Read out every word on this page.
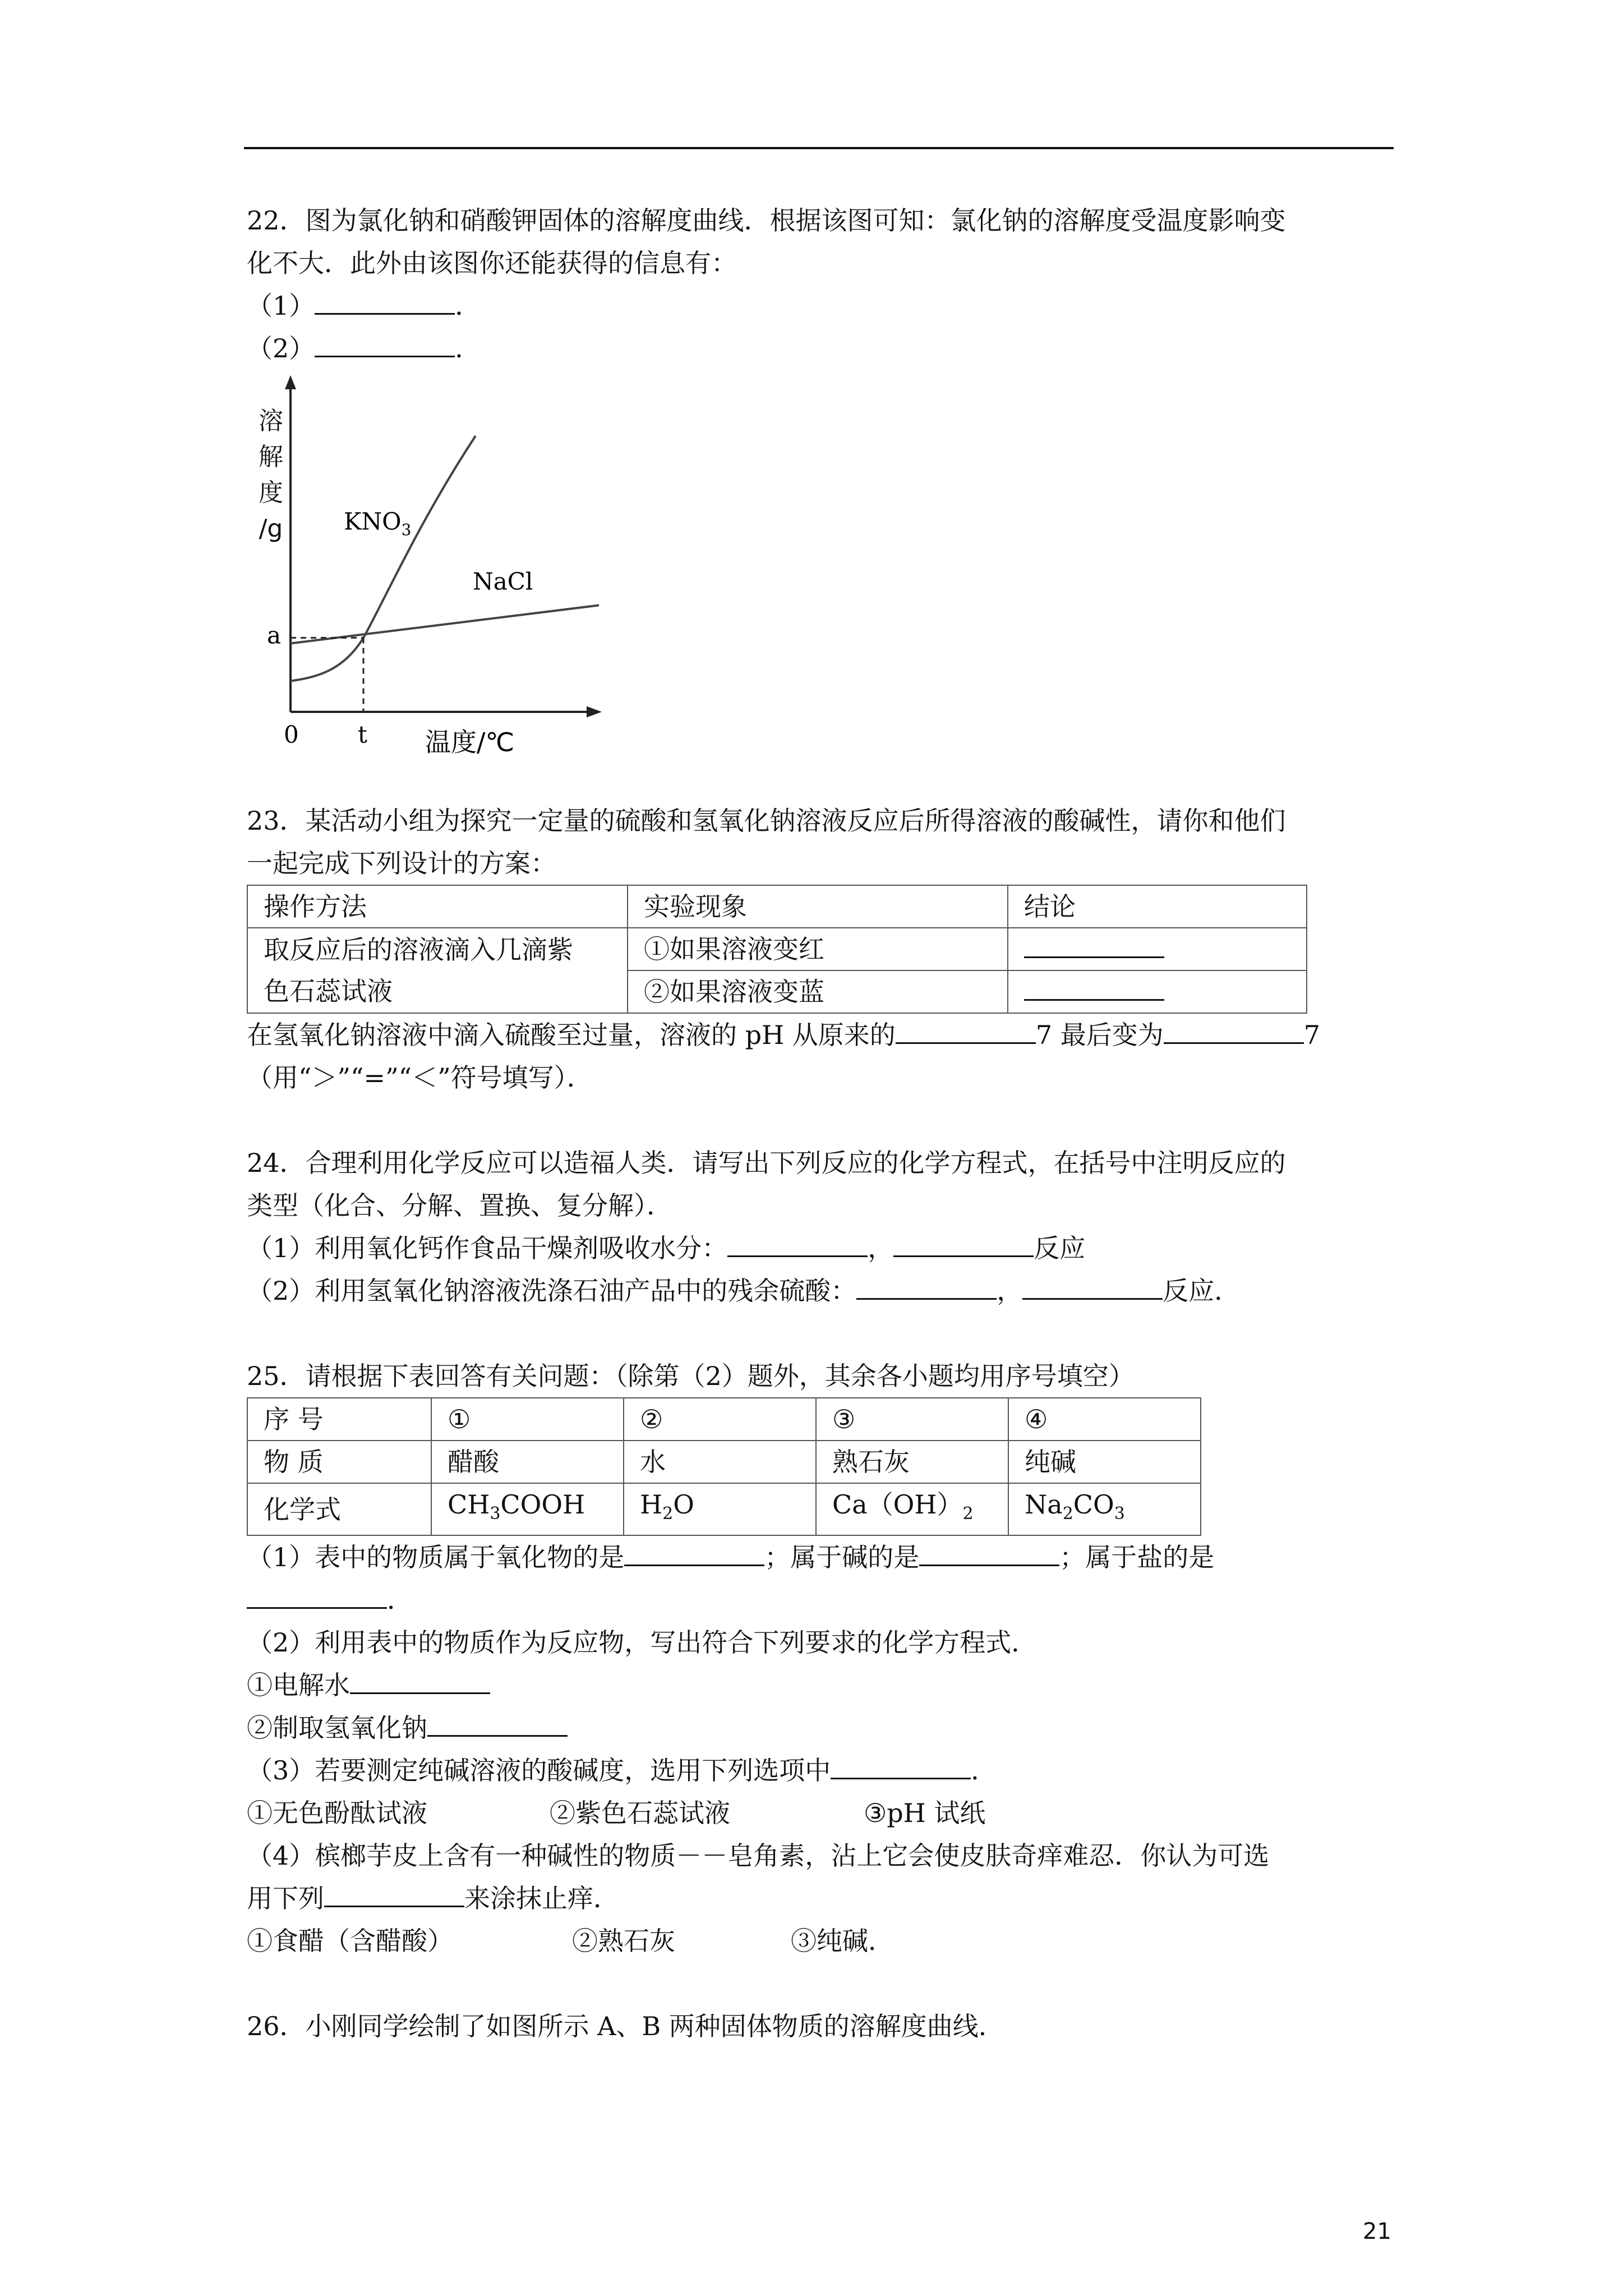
22．图为氯化钠和硝酸钾固体的溶解度曲线．根据该图可知：氯化钠的溶解度受温度影响变
化不大．此外由该图你还能获得的信息有：
（1）	．
（2）	．
溶
解
度
/g
a
0	t 温度/℃
$KNO_3$
NaCl
23．某活动小组为探究一定量的硫酸和氢氧化钠溶液反应后所得溶液的酸碱性，请你和他们
一起完成下列设计的方案：
操作方法	实验现象	结论

取反应后的溶液滴入几滴紫
色石蕊试液	①如果溶液变红	
	②如果溶液变蓝	
在氢氧化钠溶液中滴入硫酸至过量，溶液的 pH 从原来的	7 最后变为	7
（用“＞”“=”“＜”符号填写）．
24．合理利用化学反应可以造福人类．请写出下列反应的化学方程式，在括号中注明反应的
类型（化合、分解、置换、复分解）．
（1）利用氧化钙作食品干燥剂吸收水分：	，	反应
（2）利用氢氧化钠溶液洗涤石油产品中的残余硫酸：	，	反应．
25．请根据下表回答有关问题：（除第（2）题外，其余各小题均用序号填空）
序 号	①	②	③	④
物 质	醋酸	水	熟石灰	纯碱
化学式	$CH_3COOH$	$H_2O$	$Ca(OH)_2$	$Na_2CO_3$
（1）表中的物质属于氧化物的是	；属于碱的是	；属于盐的是
．
（2）利用表中的物质作为反应物，写出符合下列要求的化学方程式．
①电解水
②制取氢氧化钠
（3）若要测定纯碱溶液的酸碱度，选用下列选项中	．
①无色酚酞试液	②紫色石蕊试液	③pH 试纸
（4）槟榔芋皮上含有一种碱性的物质－－皂角素，沾上它会使皮肤奇痒难忍．你认为可选
用下列	来涂抹止痒．
①食醋（含醋酸）	②熟石灰	③纯碱．
26．小刚同学绘制了如图所示 A、B 两种固体物质的溶解度曲线．
21
